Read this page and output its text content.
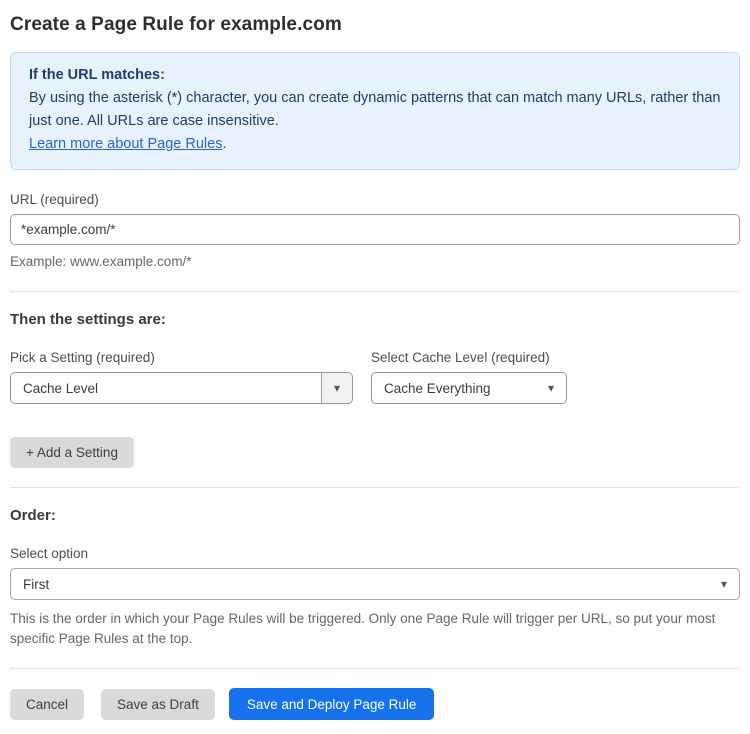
Create a Page Rule for example.com
If the URL matches:
By using the asterisk (*) character, you can create dynamic patterns that can match many URLs, rather than just one. All URLs are case insensitive.
Learn more about Page Rules.
URL (required)
*example.com/*
Example: www.example.com/*
Then the settings are:
Pick a Setting (required)
Cache Level	▾
Select Cache Level (required)
Cache Everything	▾
+ Add a Setting
Order:
Select option
First	▾

This is the order in which your Page Rules will be triggered. Only one Page Rule will trigger per URL, so put your most specific Page Rules at the top.

Cancel	Save as Draft	Save and Deploy Page Rule
